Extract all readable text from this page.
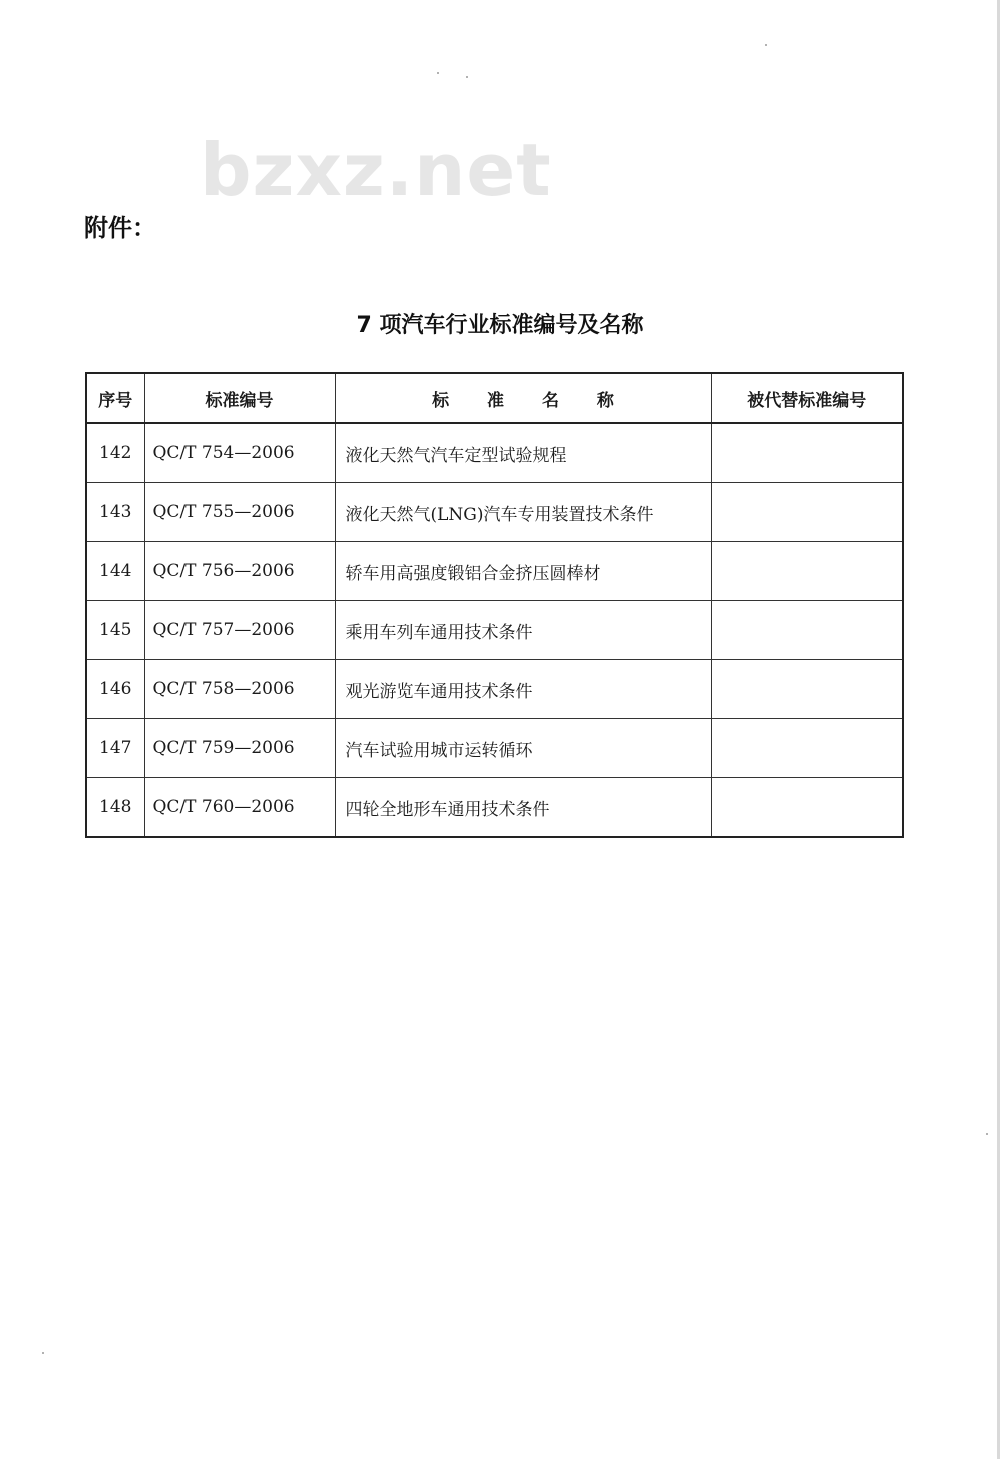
bzxz.net
附件：
7 项汽车行业标准编号及名称
序号	标准编号	标 准 名 称	被代替标准编号
142	QC/T 754—2006	液化天然气汽车定型试验规程	
143	QC/T 755—2006	液化天然气(LNG)汽车专用装置技术条件	
144	QC/T 756—2006	轿车用高强度锻铝合金挤压圆棒材	
145	QC/T 757—2006	乘用车列车通用技术条件	
146	QC/T 758—2006	观光游览车通用技术条件	
147	QC/T 759—2006	汽车试验用城市运转循环	
148	QC/T 760—2006	四轮全地形车通用技术条件	
